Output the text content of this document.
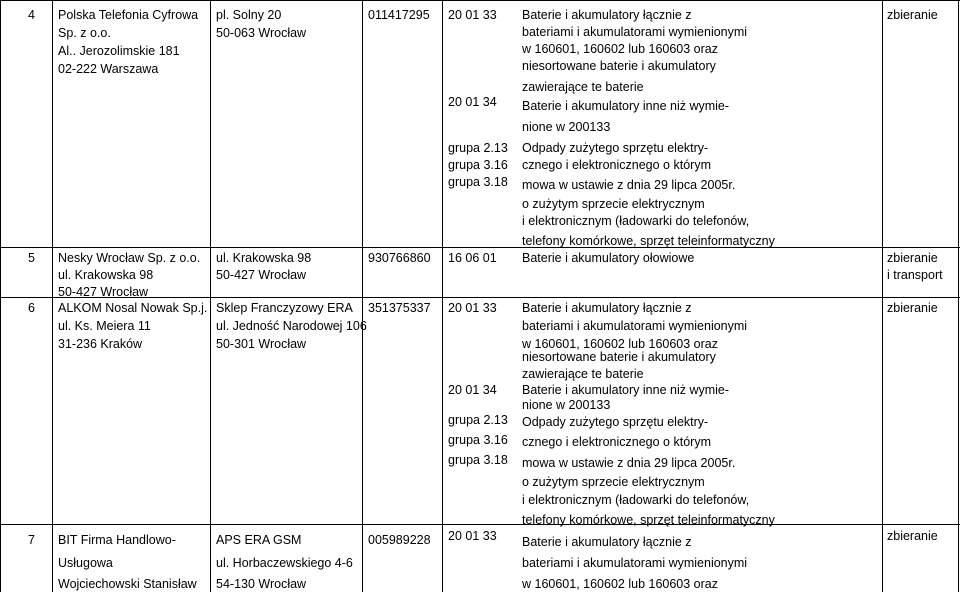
4 Polska Telefonia Cyfrowa
Sp. z o.o.
Al.. Jerozolimskie 181
02-222 Warszawa
pl. Solny 20
50-063 Wrocław
011417295 20 01 33
20 01 34
grupa 2.13
grupa 3.16
grupa 3.18
Baterie i akumulatory łącznie z
bateriami i akumulatorami wymienionymi
w 160601, 160602 lub 160603 oraz
niesortowane baterie i akumulatory
zawierające te baterie
Baterie i akumulatory inne niż wymie-
nione w 200133
Odpady zużytego sprzętu elektry-
cznego i elektronicznego o którym
mowa w ustawie z dnia 29 lipca 2005r.
o zużytym sprzecie elektrycznym
i elektronicznym (ładowarki do telefonów,
telefony komórkowe, sprzęt teleinformatyczny
zbieranie
5 Nesky Wrocław Sp. z o.o.
ul. Krakowska 98
50-427 Wrocław
ul. Krakowska 98
50-427 Wrocław
930766860 16 06 01 Baterie i akumulatory ołowiowe	zbieranie
i transport
6 ALKOM Nosal Nowak Sp.j.
ul. Ks. Meiera 11
31-236 Kraków
Sklep Franczyzowy ERA
ul. Jedność Narodowej 106
50-301 Wrocław
351375337 20 01 33
20 01 34
grupa 2.13
grupa 3.16
grupa 3.18
Baterie i akumulatory łącznie z
bateriami i akumulatorami wymienionymi
w 160601, 160602 lub 160603 oraz
niesortowane baterie i akumulatory
zawierające te baterie
Baterie i akumulatory inne niż wymie-
nione w 200133
Odpady zużytego sprzętu elektry-
cznego i elektronicznego o którym
mowa w ustawie z dnia 29 lipca 2005r.
o zużytym sprzecie elektrycznym
i elektronicznym (ładowarki do telefonów,
telefony komórkowe, sprzęt teleinformatyczny
zbieranie
7 BIT Firma Handlowo-
Usługowa
Wojciechowski Stanisław
APS ERA GSM
ul. Horbaczewskiego 4-6
54-130 Wrocław
005989228 20 01 33 Baterie i akumulatory łącznie z
bateriami i akumulatorami wymienionymi
w 160601, 160602 lub 160603 oraz
zbieranie
